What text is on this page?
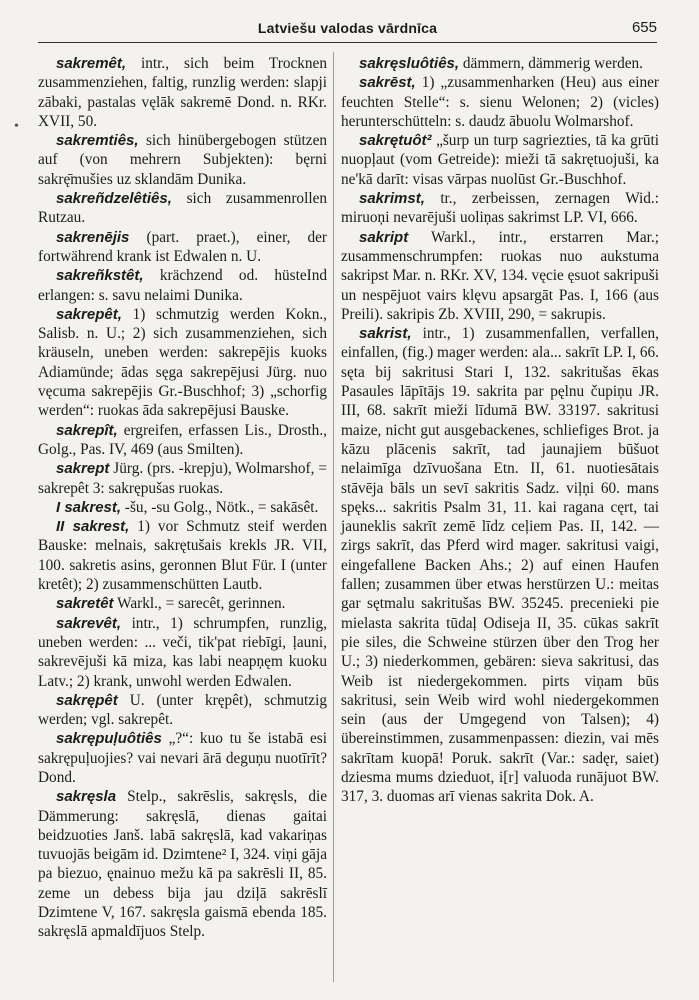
Latviešu valodas vārdnīca	655
•

sakremêt, intr., sich beim Trocknen zusammenziehen, faltig, runzlig werden: slapji zābaki, pastalas vęlāk sakremē Dond. n. RKr. XVII, 50.

sakremtiês, sich hinübergebogen stützen auf (von mehrern Subjekten): bęrni sakrę̄mušies uz sklandām Dunika.

sakreñdzelêtiês, sich zusammenrollen Rutzau.

sakrenējis (part. praet.), einer, der fortwährend krank ist Edwalen n. U.

sakreñkstêt, krächzend od. hüsteInd erlangen: s. savu nelaimi Dunika.

sakrepêt, 1) schmutzig werden Kokn., Salisb. n. U.; 2) sich zusammenziehen, sich kräuseln, uneben werden: sakrepējis kuoks Adiamünde; ādas sęga sakrepējusi Jürg. nuo vęcuma sakrepējis Gr.-Buschhof; 3) „schorfig werden“: ruokas āda sakrepējusi Bauske.

sakrepît, ergreifen, erfassen Lis., Drosth., Golg., Pas. IV, 469 (aus Smilten).

sakrept Jürg. (prs. -krepju), Wolmarshof, = sakrepêt 3: sakrępušas ruokas.

I sakrest, -šu, -su Golg., Nötk., = sakāsêt.

II sakrest, 1) vor Schmutz steif werden Bauske: melnais, sakrętušais krekls JR. VII, 100. sakretis asins, geronnen Blut Für. I (unter kretêt); 2) zusammenschütten Lautb.

sakretêt Warkl., = sarecêt, gerinnen.

sakrevêt, intr., 1) schrumpfen, runzlig, uneben werden: ... veči, tik'pat riebīgi, ļauni, sakrevējuši kā miza, kas labi neapņęm kuoku Latv.; 2) krank, unwohl werden Edwalen.

sakrępêt U. (unter krępêt), schmutzig werden; vgl. sakrepêt.

sakrępuļuôtiês „?“: kuo tu še istabā esi sakrępuļuojies? vai nevari ārā deguņu nuotīrīt? Dond.

sakręsla Stelp., sakrēslis, sakręsls, die Dämmerung: sakręslā, dienas gaitai beidzuoties Janš. labā sakręslā, kad vakariņas tuvuojās beigām id. Dzimtene² I, 324. viņi gāja pa biezuo, ęnainuo mežu kā pa sakrēsli II, 85. zeme un debess bija jau dziļā sakrēslī Dzimtene V, 167. sakręsla gaismā ebenda 185. sakręslā apmaldījuos Stelp.

sakręsluôtiês, dämmern, dämmerig werden.

sakrēst, 1) „zusammenharken (Heu) aus einer feuchten Stelle“: s. sienu Welonen; 2) (vicles) herunterschütteln: s. daudz ābuolu Wolmarshof.

sakrętuôt² „šurp un turp sagriezties, tā ka grūti nuopļaut (vom Getreide): mieži tā sakrętuojuši, ka ne'kā darīt: visas vārpas nuolūst Gr.-Buschhof.

sakrimst, tr., zerbeissen, zernagen Wid.: miruoņi nevarējuši uoliņas sakrimst LP. VI, 666.

sakript Warkl., intr., erstarren Mar.; zusammenschrumpfen: ruokas nuo aukstuma sakripst Mar. n. RKr. XV, 134. vęcie ęsuot sakripuši un nespējuot vairs klęvu apsargāt Pas. I, 166 (aus Preili). sakripis Zb. XVIII, 290, = sakrupis.

sakrist, intr., 1) zusammenfallen, verfallen, einfallen, (fig.) mager werden: ala... sakrīt LP. I, 66. sęta bij sakritusi Stari I, 132. sakritušas ēkas Pasaules lāpītājs 19. sakrita par pęlnu čupiņu JR. III, 68. sakrīt mieži līdumā BW. 33197. sakritusi maize, nicht gut ausgebackenes, schliefiges Brot. ja kāzu plācenis sakrīt, tad jaunajiem būšuot nelaimīga dzīvuošana Etn. II, 61. nuotiesātais stāvēja bāls un sevī sakritis Sadz. viļņi 60. mans spęks... sakritis Psalm 31, 11. kai ragana cęrt, tai jauneklis sakrīt zemē līdz ceļiem Pas. II, 142. — zirgs sakrīt, das Pferd wird mager. sakritusi vaigi, eingefallene Backen Ahs.; 2) auf einen Haufen fallen; zusammen über etwas herstürzen U.: meitas gar sętmalu sakritušas BW. 35245. precenieki pie mielasta sakrita tūdaļ Odiseja II, 35. cūkas sakrīt pie siles, die Schweine stürzen über den Trog her U.; 3) niederkommen, gebären: sieva sakritusi, das Weib ist niedergekommen. pirts viņam būs sakritusi, sein Weib wird wohl niedergekommen sein (aus der Umgegend von Talsen); 4) übereinstimmen, zusammenpassen: diezin, vai mēs sakrītam kuopā! Poruk. sakrīt (Var.: sadęr, saiet) dziesma mums dzieduot, i[r] valuoda runājuot BW. 317, 3. duomas arī vienas sakrita Dok. A.
